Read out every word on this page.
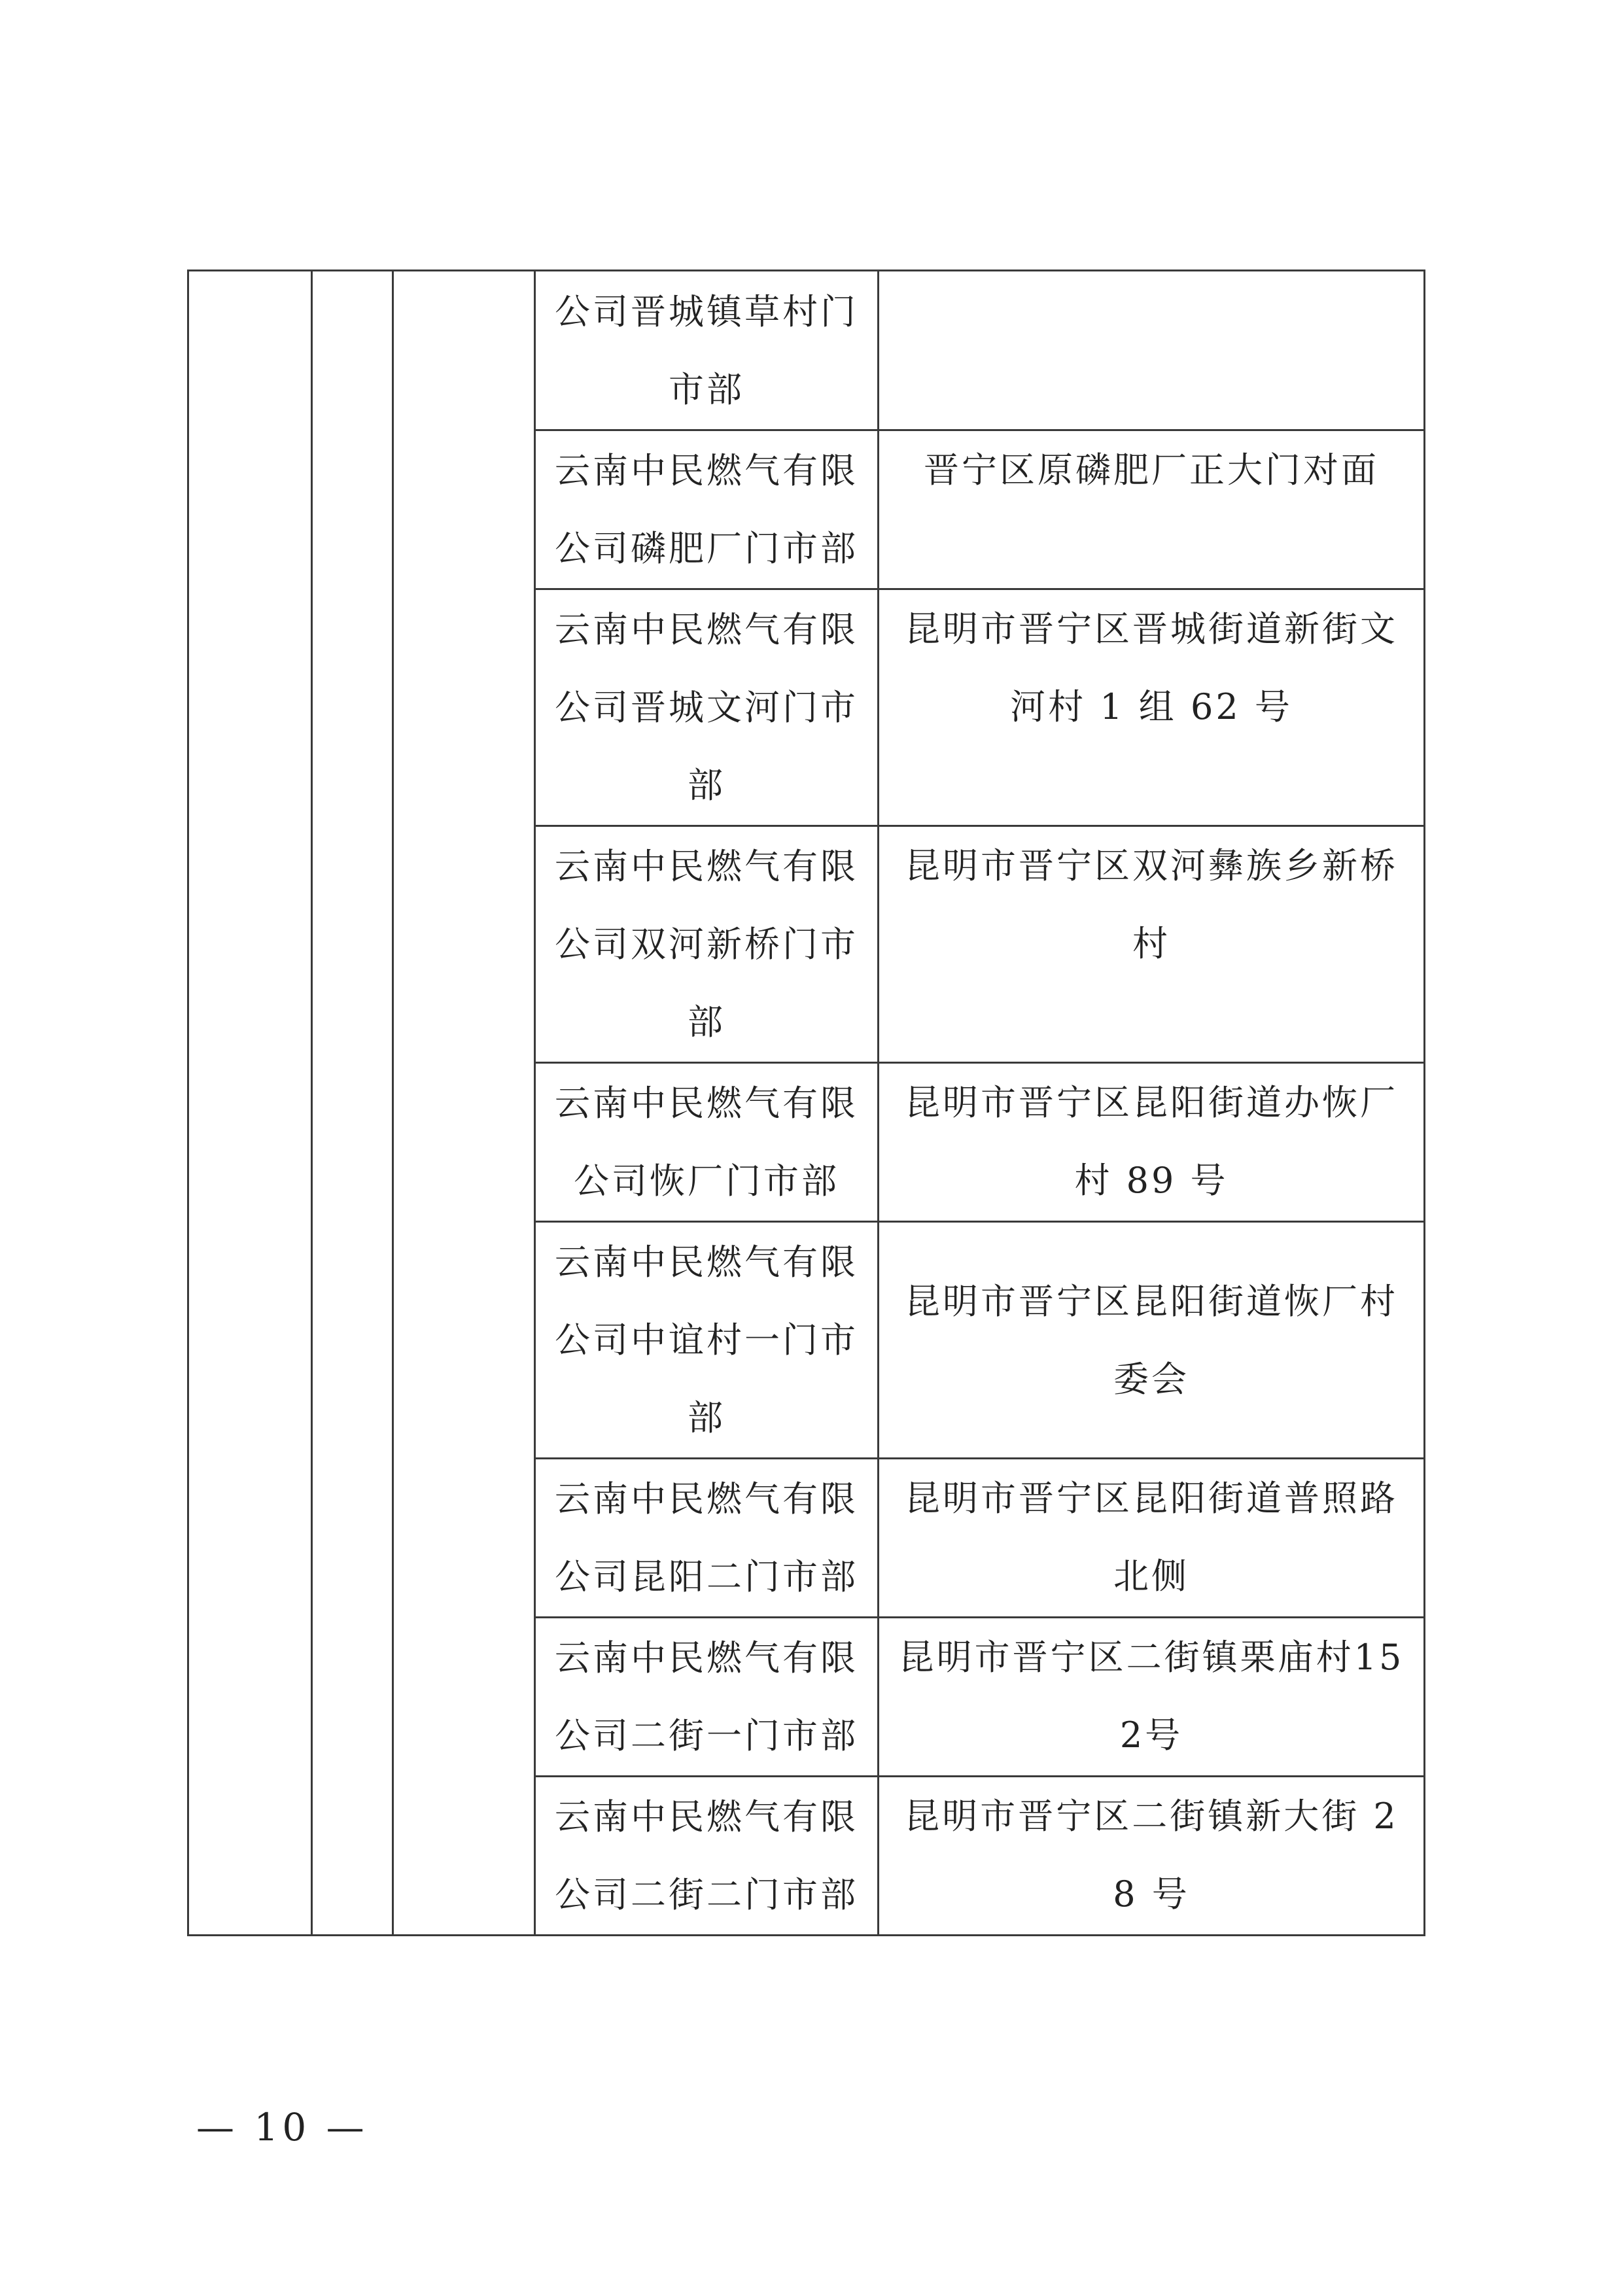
			公司晋城镇草村门市部	

			云南中民燃气有限公司磷肥厂门市部	晋宁区原磷肥厂正大门对面

			云南中民燃气有限公司晋城文河门市部	昆明市晋宁区晋城街道新街文河村 1 组 62 号

			云南中民燃气有限公司双河新桥门市部	昆明市晋宁区双河彝族乡新桥村

			云南中民燃气有限公司恢厂门市部	昆明市晋宁区昆阳街道办恢厂村 89 号

			云南中民燃气有限公司中谊村一门市部	昆明市晋宁区昆阳街道恢厂村委会

			云南中民燃气有限公司昆阳二门市部	昆明市晋宁区昆阳街道普照路北侧

			云南中民燃气有限公司二街一门市部	昆明市晋宁区二街镇栗庙村152号

			云南中民燃气有限公司二街二门市部	昆明市晋宁区二街镇新大街 28 号
— 10 —
